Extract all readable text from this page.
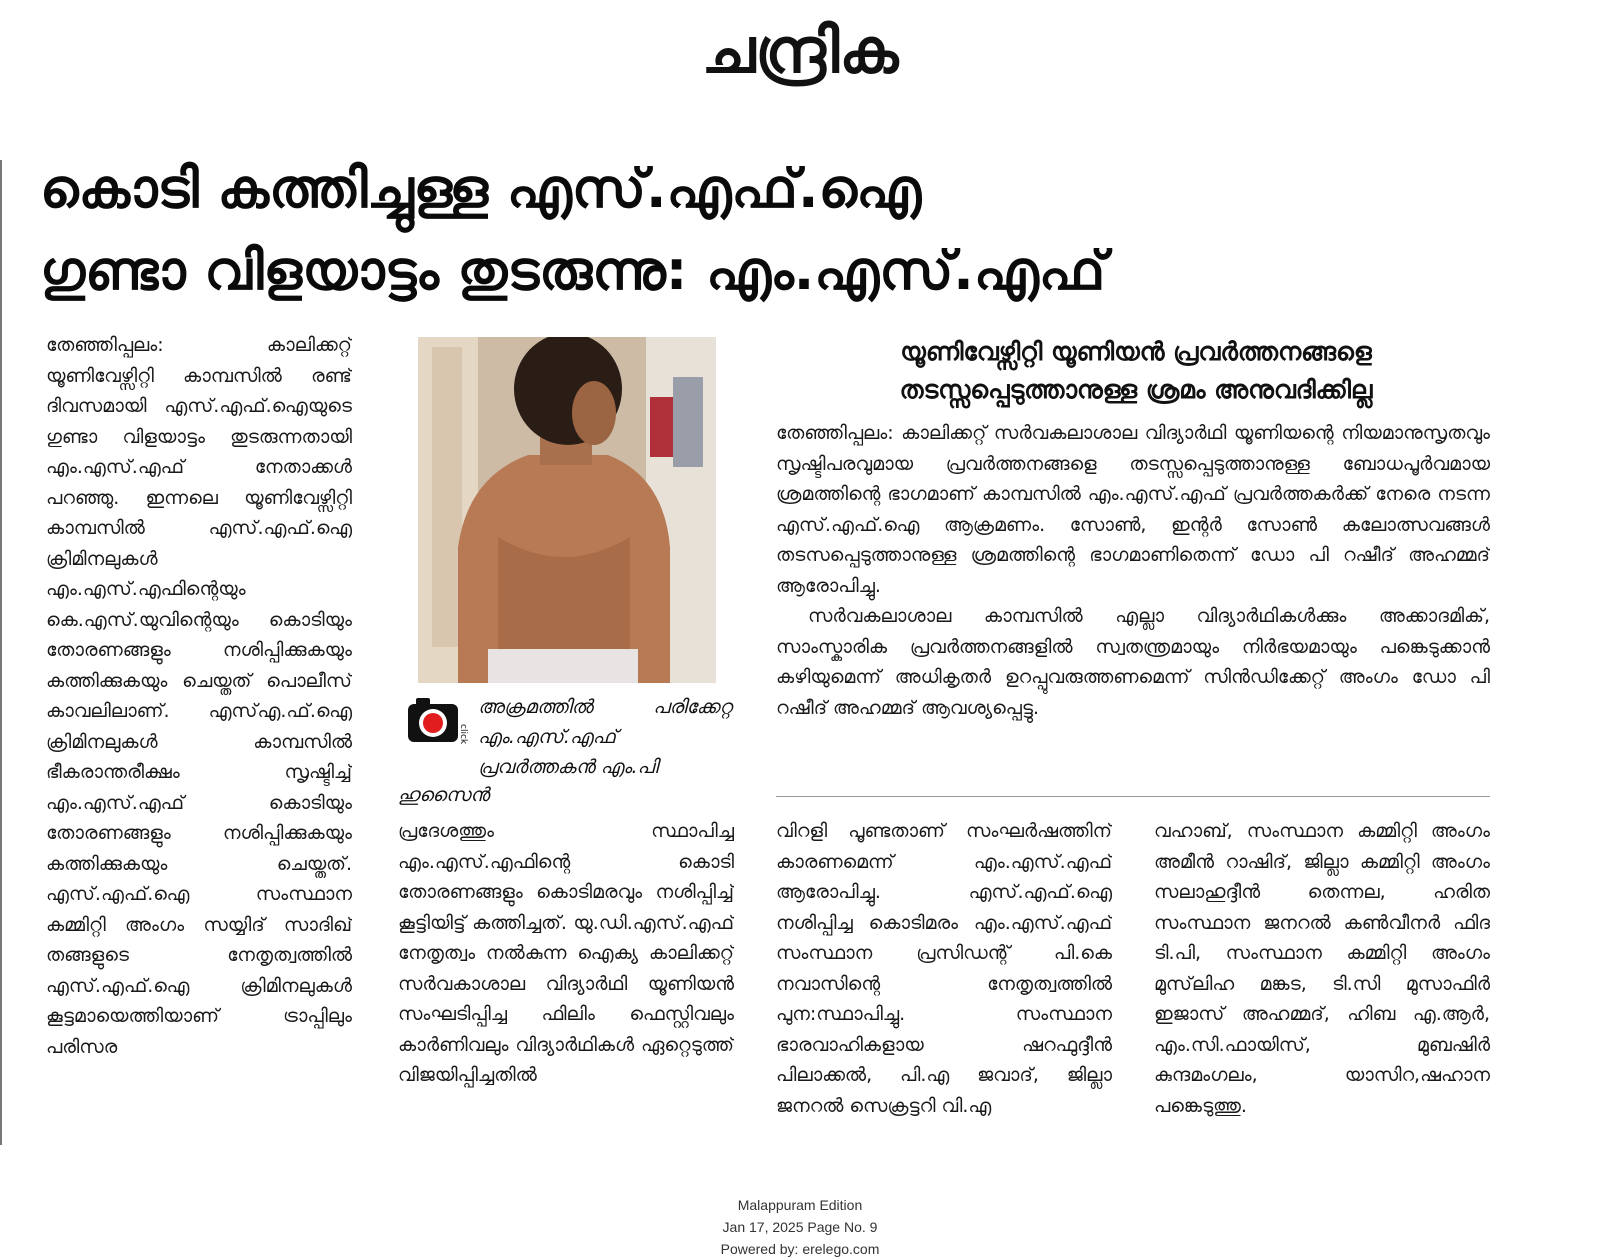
ചന്ദ്രിക
കൊടി കത്തിച്ചുള്ള എസ്.എഫ്.ഐ
ഗുണ്ടാ വിളയാട്ടം തുടരുന്നു: എം.എസ്.എഫ്
തേഞ്ഞിപ്പലം: കാലിക്കറ്റ് യൂണിവേഴ്സിറ്റി കാമ്പസിൽ രണ്ട് ദിവസമായി എസ്.എഫ്.ഐയുടെ ഗുണ്ടാ വിളയാട്ടം തുടരുന്നതായി എം.എസ്.എഫ് നേതാക്കൾ പറഞ്ഞു. ഇന്നലെ യൂണിവേഴ്സിറ്റി കാമ്പസിൽ എസ്.എഫ്.ഐ ക്രിമിനലുകൾ എം.എസ്.എഫിന്റെയും കെ.എസ്.യുവിന്റെയും കൊടിയും തോരണങ്ങളും നശിപ്പിക്കുകയും കത്തിക്കുകയും ചെയ്തത് പൊലീസ് കാവലിലാണ്. എസ്എ.ഫ്.ഐ ക്രിമിനലുകൾ കാമ്പസിൽ ഭീകരാന്തരീക്ഷം സൃഷ്ടിച്ച് എം.എസ്.എഫ് കൊടിയും തോരണങ്ങളും നശിപ്പിക്കുകയും കത്തിക്കുകയും ചെയ്തത്. എസ്.എഫ്.ഐ സംസ്ഥാന കമ്മിറ്റി അംഗം സയ്യിദ് സാദിഖ് തങ്ങളുടെ നേതൃത്വത്തിൽ എസ്.എഫ്.ഐ ക്രിമിനലുകൾ കൂട്ടമായെത്തിയാണ് ട്രാപ്പിലും പരിസര
click
അക്രമത്തിൽ പരിക്കേറ്റ എം.എസ്.എഫ് പ്രവർത്തകൻ എം.പി
ഹുസൈൻ
യൂണിവേഴ്സിറ്റി യൂണിയൻ പ്രവർത്തനങ്ങളെ
തടസ്സപ്പെടുത്താനുള്ള ശ്രമം അനുവദിക്കില്ല

തേഞ്ഞിപ്പലം: കാലിക്കറ്റ് സർവകലാശാല വിദ്യാർഥി യൂണിയന്റെ നിയമാനുസൃതവും സൃഷ്ടിപരവുമായ പ്രവർത്തനങ്ങളെ തടസ്സപ്പെടുത്താനുള്ള ബോധപൂർവമായ ശ്രമത്തിന്റെ ഭാഗമാണ് കാമ്പസിൽ എം.എസ്.എഫ് പ്രവർത്തകർക്ക് നേരെ നടന്ന എസ്.എഫ്.ഐ ആക്രമണം. സോൺ, ഇന്റർ സോൺ കലോത്സവങ്ങൾ തടസപ്പെടുത്താനുള്ള ശ്രമത്തിന്റെ ഭാഗമാണിതെന്ന് ഡോ പി റഷീദ് അഹമ്മദ് ആരോപിച്ചു.

സർവകലാശാല കാമ്പസിൽ എല്ലാ വിദ്യാർഥികൾക്കും അക്കാദമിക്, സാംസ്കാരിക പ്രവർത്തനങ്ങളിൽ സ്വതന്ത്രമായും നിർഭയമായും പങ്കെടുക്കാൻ കഴിയുമെന്ന് അധികൃതർ ഉറപ്പുവരുത്തണമെന്ന് സിൻഡിക്കേറ്റ് അംഗം ഡോ പി റഷീദ് അഹമ്മദ് ആവശ്യപ്പെട്ടു.

പ്രദേശത്തും സ്ഥാപിച്ച എം.എസ്.എഫിന്റെ കൊടി തോരണങ്ങളും കൊടിമരവും നശിപ്പിച്ച് കൂട്ടിയിട്ട് കത്തിച്ചത്. യു.ഡി.എസ്.എഫ് നേതൃത്വം നൽകുന്ന ഐക്യ കാലിക്കറ്റ് സർവകാശാല വിദ്യാർഥി യൂണിയൻ സംഘടിപ്പിച്ച ഫിലിം ഫെസ്റ്റിവലും കാർണിവലും വിദ്യാർഥികൾ ഏറ്റെടുത്ത് വിജയിപ്പിച്ചതിൽ
വിറളി പൂണ്ടതാണ് സംഘർഷത്തിന് കാരണമെന്ന് എം.എസ്.എഫ് ആരോപിച്ചു. എസ്.എഫ്.ഐ നശിപ്പിച്ച കൊടിമരം എം.എസ്.എഫ് സംസ്ഥാന പ്രസിഡന്റ് പി.കെ നവാസിന്റെ നേതൃത്വത്തിൽ പുന:സ്ഥാപിച്ചു. സംസ്ഥാന ഭാരവാഹികളായ ഷറഫുദ്ദീൻ പിലാക്കൽ, പി.എ ജവാദ്, ജില്ലാ ജനറൽ സെക്രട്ടറി വി.എ
വഹാബ്, സംസ്ഥാന കമ്മിറ്റി അംഗം അമീൻ റാഷിദ്, ജില്ലാ കമ്മിറ്റി അംഗം സലാഹുദ്ദീൻ തെന്നല, ഹരിത സംസ്ഥാന ജനറൽ കൺവീനർ ഫിദ ടി.പി, സംസ്ഥാന കമ്മിറ്റി അംഗം മുസ്‌ലിഹ മങ്കട, ടി.സി മുസാഫിർ ഇജാസ് അഹമ്മദ്, ഹിബ എ.ആർ, എം.സി.ഫായിസ്, മുബഷിർ കുന്ദമംഗലം, യാസിറ,ഷഹാന പങ്കെടുത്തു.
Malappuram Edition
Jan 17, 2025 Page No. 9
Powered by: erelego.com
